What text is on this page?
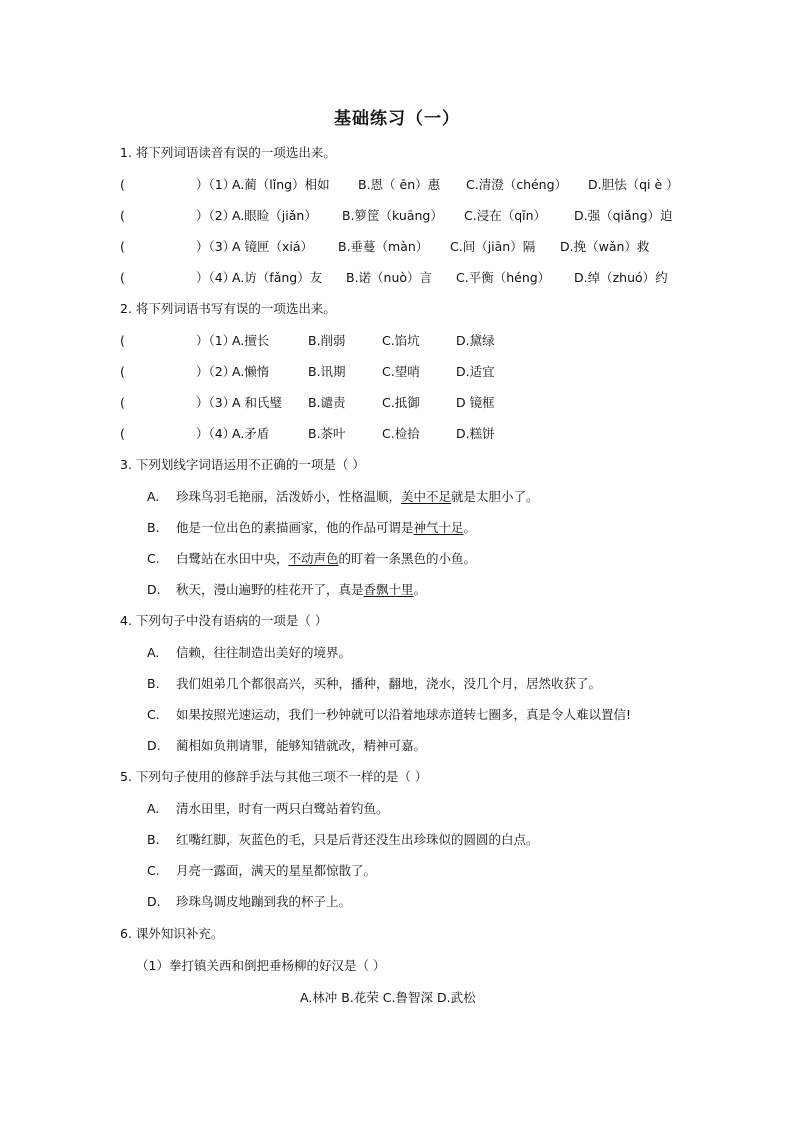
基础练习（一）
1. 将下列词语读音有误的一项选出来。
(	）（1）
A.蔺（lǐng）相如 B.恩（ ēn）惠 C.清澄（chéng） D.胆怯（qi è ）
(	）（2）
A.眼睑（jiǎn） B.箩筐（kuāng） C.浸在（qīn） D.强（qiǎng）迫
(	）（3）
A 镜匣（xiá） B.垂蔓（màn） C.间（jiān）隔 D.挽（wǎn）救
(	）（4）
A.访（fǎng）友 B.诺（nuò）言 C.平衡（héng） D.绰（zhuó）约
2. 将下列词语书写有误的一项选出来。
(	）（1）
A.擅长	B.削弱	C.馅坑	D.黛绿
(	）（2）
A.懒惰	B.讯期	C.望哨	D.适宜
(	）（3）
A 和氏璧 B.谴责	C.抵御	D 镜框
(	）（4）
A.矛盾	B.茶叶	C.检拾	D.糕饼
3. 下列划线字词语运用不正确的一项是（ ）
A. 珍珠鸟羽毛艳丽，活泼娇小，性格温顺，美中不足就是太胆小了。
B. 他是一位出色的素描画家，他的作品可谓是神气十足。
C. 白鹭站在水田中央，不动声色的盯着一条黑色的小鱼。
D. 秋天，漫山遍野的桂花开了，真是香飘十里。
4. 下列句子中没有语病的一项是（ ）
A. 信赖，往往制造出美好的境界。
B. 我们姐弟几个都很高兴，买种，播种，翻地，浇水，没几个月，居然收获了。
C. 如果按照光速运动，我们一秒钟就可以沿着地球赤道转七圈多，真是令人难以置信!
D. 蔺相如负荆请罪，能够知错就改，精神可嘉。
5. 下列句子使用的修辞手法与其他三项不一样的是（ ）
A. 清水田里，时有一两只白鹭站着钓鱼。
B. 红嘴红脚，灰蓝色的毛，只是后背还没生出珍珠似的圆圆的白点。
C. 月亮一露面，满天的星星都惊散了。
D. 珍珠鸟调皮地蹦到我的杯子上。
6. 课外知识补充。
（1）拳打镇关西和倒把垂杨柳的好汉是（ ）
A.林冲 B.花荣 C.鲁智深 D.武松
